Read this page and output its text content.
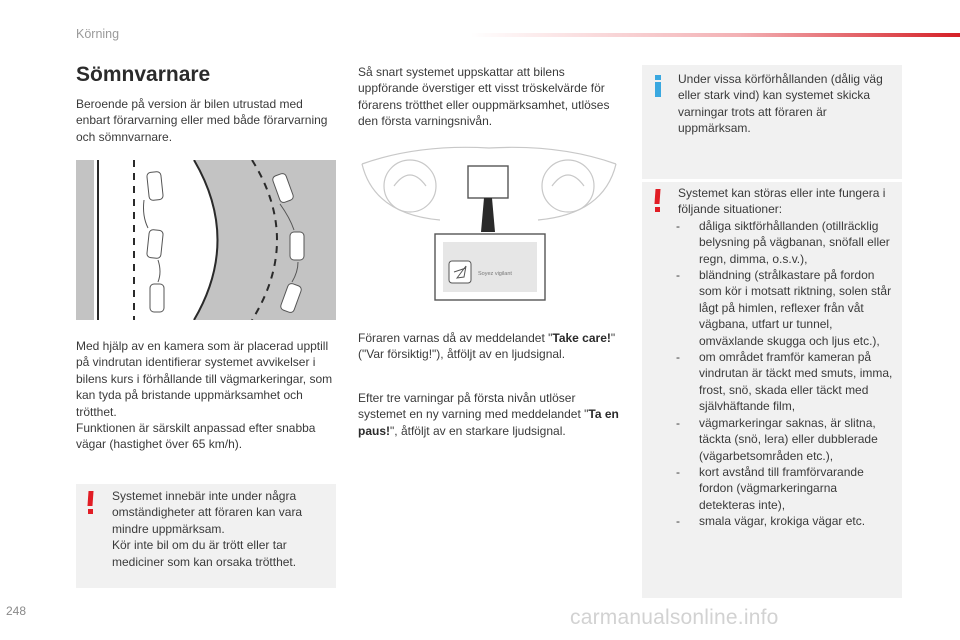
Körning
Sömnvarnare

Beroende på version är bilen utrustad med enbart förarvarning eller med både förarvarning och sömnvarnare.

Med hjälp av en kamera som är placerad upptill på vindrutan identifierar systemet avvikelser i bilens kurs i förhållande till vägmarkeringar, som kan tyda på bristande uppmärksamhet och trötthet.

Funktionen är särskilt anpassad efter snabba vägar (hastighet över 65 km/h).

Systemet innebär inte under några omständigheter att föraren kan vara mindre uppmärksam.

Kör inte bil om du är trött eller tar mediciner som kan orsaka trötthet.

Så snart systemet uppskattar att bilens uppförande överstiger ett visst tröskelvärde för förarens trötthet eller ouppmärksamhet, utlöses den första varningsnivån.

Soyez vigilant

Föraren varnas då av meddelandet "Take care!" ("Var försiktig!"), åtföljt av en ljudsignal.

Efter tre varningar på första nivån utlöser systemet en ny varning med meddelandet "Ta en paus!", åtföljt av en starkare ljudsignal.

Under vissa körförhållanden (dålig väg eller stark vind) kan systemet skicka varningar trots att föraren är uppmärksam.

Systemet kan störas eller inte fungera i följande situationer:

- dåliga siktförhållanden (otillräcklig belysning på vägbanan, snöfall eller regn, dimma, o.s.v.),
- bländning (strålkastare på fordon som kör i motsatt riktning, solen står lågt på himlen, reflexer från våt vägbana, utfart ur tunnel, omväxlande skugga och ljus etc.),
- om området framför kameran på vindrutan är täckt med smuts, imma, frost, snö, skada eller täckt med självhäftande film,
- vägmarkeringar saknas, är slitna, täckta (snö, lera) eller dubblerade (vägarbetsområden etc.),
- kort avstånd till framförvarande fordon (vägmarkeringarna detekteras inte),
- smala vägar, krokiga vägar etc.
248	carmanualsonline.info
